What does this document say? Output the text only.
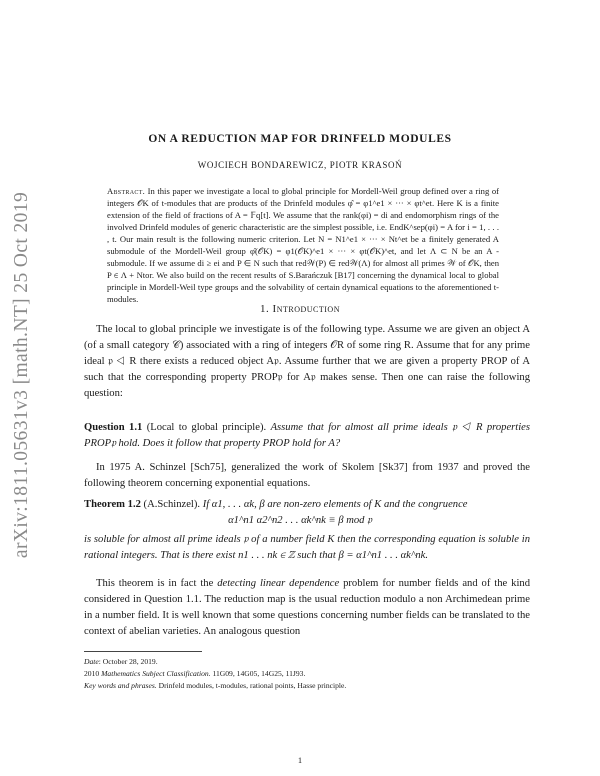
arXiv:1811.05631v3 [math.NT] 25 Oct 2019
ON A REDUCTION MAP FOR DRINFELD MODULES
WOJCIECH BONDAREWICZ, PIOTR KRASOŃ
Abstract. In this paper we investigate a local to global principle for Mordell-Weil group defined over a ring of integers 𝒪K of t-modules that are products of the Drinfeld modules φ̂ = φ1^e1 × ··· × φt^et. Here K is a finite extension of the field of fractions of A = 𝔽q[t]. We assume that the rank(φi) = di and endomorphism rings of the involved Drinfeld modules of generic characteristic are the simplest possible, i.e. EndK^sep(φi) = A for i = 1, . . . , t. Our main result is the following numeric criterion. Let N = N1^e1 × ··· × Nt^et be a finitely generated A submodule of the Mordell-Weil group φ̂(𝒪K) = φ1(𝒪K)^e1 × ··· × φt(𝒪K)^et, and let Λ ⊂ N be an A - submodule. If we assume di ≥ ei and P ∈ N such that red𝒲(P) ∈ red𝒲(Λ) for almost all primes 𝒲 of 𝒪K, then P ∈ Λ + Ntor. We also build on the recent results of S.Barańczuk [B17] concerning the dynamical local to global principle in Mordell-Weil type groups and the solvability of certain dynamical equations to the aforementioned t-modules.
1. Introduction
The local to global principle we investigate is of the following type. Assume we are given an object A (of a small category 𝒞) associated with a ring of integers 𝒪R of some ring R. Assume that for any prime ideal 𝔭 ◁ R there exists a reduced object A𝔭. Assume further that we are given a property PROP of A such that the corresponding property PROP𝔭 for A𝔭 makes sense. Then one can raise the following question:
Question 1.1 (Local to global principle). Assume that for almost all prime ideals 𝔭 ◁ R properties PROP𝔭 hold. Does it follow that property PROP hold for A?
In 1975 A. Schinzel [Sch75], generalized the work of Skolem [Sk37] from 1937 and proved the following theorem concerning exponential equations.
Theorem 1.2 (A.Schinzel). If α1, . . . αk, β are non-zero elements of K and the congruence
α1^n1 α2^n2 . . . αk^nk ≡ β mod 𝔭
is soluble for almost all prime ideals 𝔭 of a number field K then the corresponding equation is soluble in rational integers. That is there exist n1 . . . nk ∈ ℤ such that β = α1^n1 . . . αk^nk.
This theorem is in fact the detecting linear dependence problem for number fields and of the kind considered in Question 1.1. The reduction map is the usual reduction modulo a non Archimedean prime in a number field. It is well known that some questions concerning number fields can be translated to the context of abelian varieties. An analogous question

Date: October 28, 2019.

2010 Mathematics Subject Classification. 11G09, 14G05, 14G25, 11J93.

Key words and phrases. Drinfeld modules, t-modules, rational points, Hasse principle.

1
